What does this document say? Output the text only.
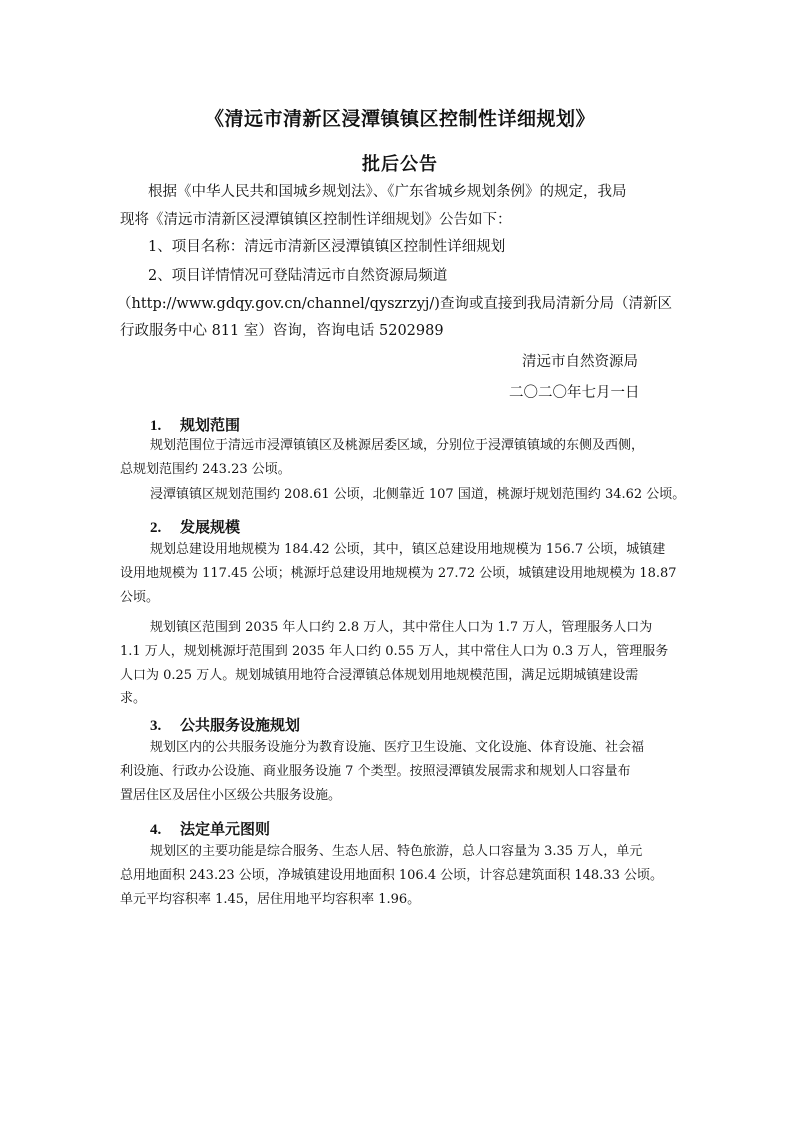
《清远市清新区浸潭镇镇区控制性详细规划》
批后公告
根据《中华人民共和国城乡规划法》、《广东省城乡规划条例》的规定，我局
现将《清远市清新区浸潭镇镇区控制性详细规划》公告如下：
1、项目名称：清远市清新区浸潭镇镇区控制性详细规划
2、项目详情情况可登陆清远市自然资源局频道
（http://www.gdqy.gov.cn/channel/qyszrzyj/)查询或直接到我局清新分局（清新区
行政服务中心 811 室）咨询，咨询电话 5202989
清远市自然资源局
二〇二〇年七月一日
1. 规划范围
规划范围位于清远市浸潭镇镇区及桃源居委区域，分别位于浸潭镇镇域的东侧及西侧，
总规划范围约 243.23 公顷。
浸潭镇镇区规划范围约 208.61 公顷，北侧靠近 107 国道，桃源圩规划范围约 34.62 公顷。
2. 发展规模
规划总建设用地规模为 184.42 公顷，其中，镇区总建设用地规模为 156.7 公顷，城镇建
设用地规模为 117.45 公顷；桃源圩总建设用地规模为 27.72 公顷，城镇建设用地规模为 18.87
公顷。
规划镇区范围到 2035 年人口约 2.8 万人，其中常住人口为 1.7 万人，管理服务人口为
1.1 万人，规划桃源圩范围到 2035 年人口约 0.55 万人，其中常住人口为 0.3 万人，管理服务
人口为 0.25 万人。规划城镇用地符合浸潭镇总体规划用地规模范围，满足远期城镇建设需
求。
3. 公共服务设施规划
规划区内的公共服务设施分为教育设施、医疗卫生设施、文化设施、体育设施、社会福
利设施、行政办公设施、商业服务设施 7 个类型。按照浸潭镇发展需求和规划人口容量布
置居住区及居住小区级公共服务设施。
4. 法定单元图则
规划区的主要功能是综合服务、生态人居、特色旅游，总人口容量为 3.35 万人，单元
总用地面积 243.23 公顷，净城镇建设用地面积 106.4 公顷，计容总建筑面积 148.33 公顷。
单元平均容积率 1.45，居住用地平均容积率 1.96。
